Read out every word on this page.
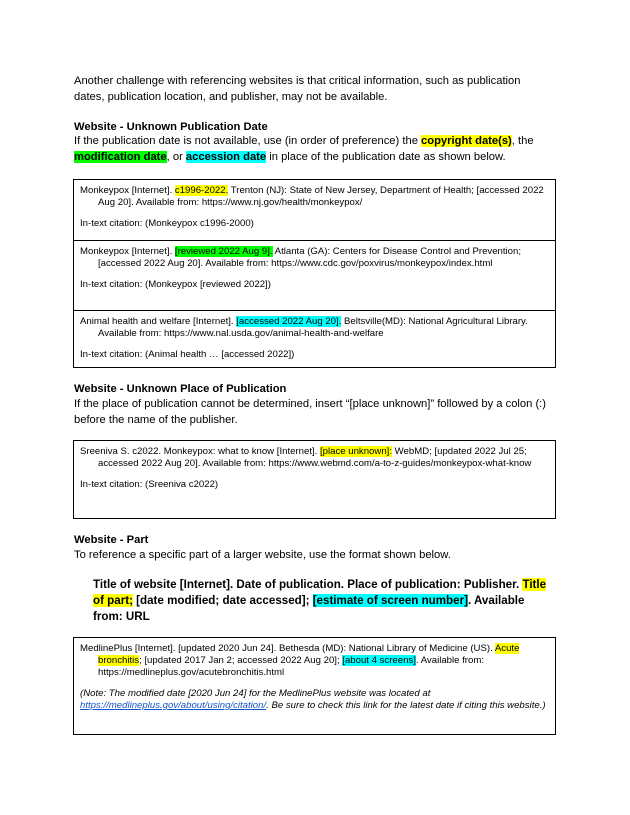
Another challenge with referencing websites is that critical information, such as publication dates, publication location, and publisher, may not be available.

Website - Unknown Publication Date

If the publication date is not available, use (in order of preference) the copyright date(s), the modification date, or accession date in place of the publication date as shown below.

Monkeypox [Internet]. c1996-2022. Trenton (NJ): State of New Jersey, Department of Health; [accessed 2022 Aug 20]. Available from: https://www.nj.gov/health/monkeypox/
In-text citation: (Monkeypox c1996-2000)
Monkeypox [Internet]. [reviewed 2022 Aug 9]. Atlanta (GA): Centers for Disease Control and Prevention; [accessed 2022 Aug 20]. Available from: https://www.cdc.gov/poxvirus/monkeypox/index.html
In-text citation: (Monkeypox [reviewed 2022])
Animal health and welfare [Internet]. [accessed 2022 Aug 20]. Beltsville(MD): National Agricultural Library. Available from: https://www.nal.usda.gov/animal-health-and-welfare
In-text citation: (Animal health … [accessed 2022])
Website - Unknown Place of Publication

If the place of publication cannot be determined, insert “[place unknown]” followed by a colon (:) before the name of the publisher.

Sreeniva S. c2022. Monkeypox: what to know [Internet]. [place unknown]: WebMD; [updated 2022 Jul 25; accessed 2022 Aug 20]. Available from: https://www.webmd.com/a-to-z-guides/monkeypox-what-know
In-text citation: (Sreeniva c2022)
Website - Part

To reference a specific part of a larger website, use the format shown below.

Title of website [Internet]. Date of publication. Place of publication: Publisher. Title of part; [date modified; date accessed]; [estimate of screen number]. Available from: URL

MedlinePlus [Internet]. [updated 2020 Jun 24]. Bethesda (MD): National Library of Medicine (US). Acute bronchitis; [updated 2017 Jan 2; accessed 2022 Aug 20]; [about 4 screens]. Available from: https://medlineplus.gov/acutebronchitis.html
(Note: The modified date [2020 Jun 24] for the MedlinePlus website was located at https://medlineplus.gov/about/using/citation/. Be sure to check this link for the latest date if citing this website.)
